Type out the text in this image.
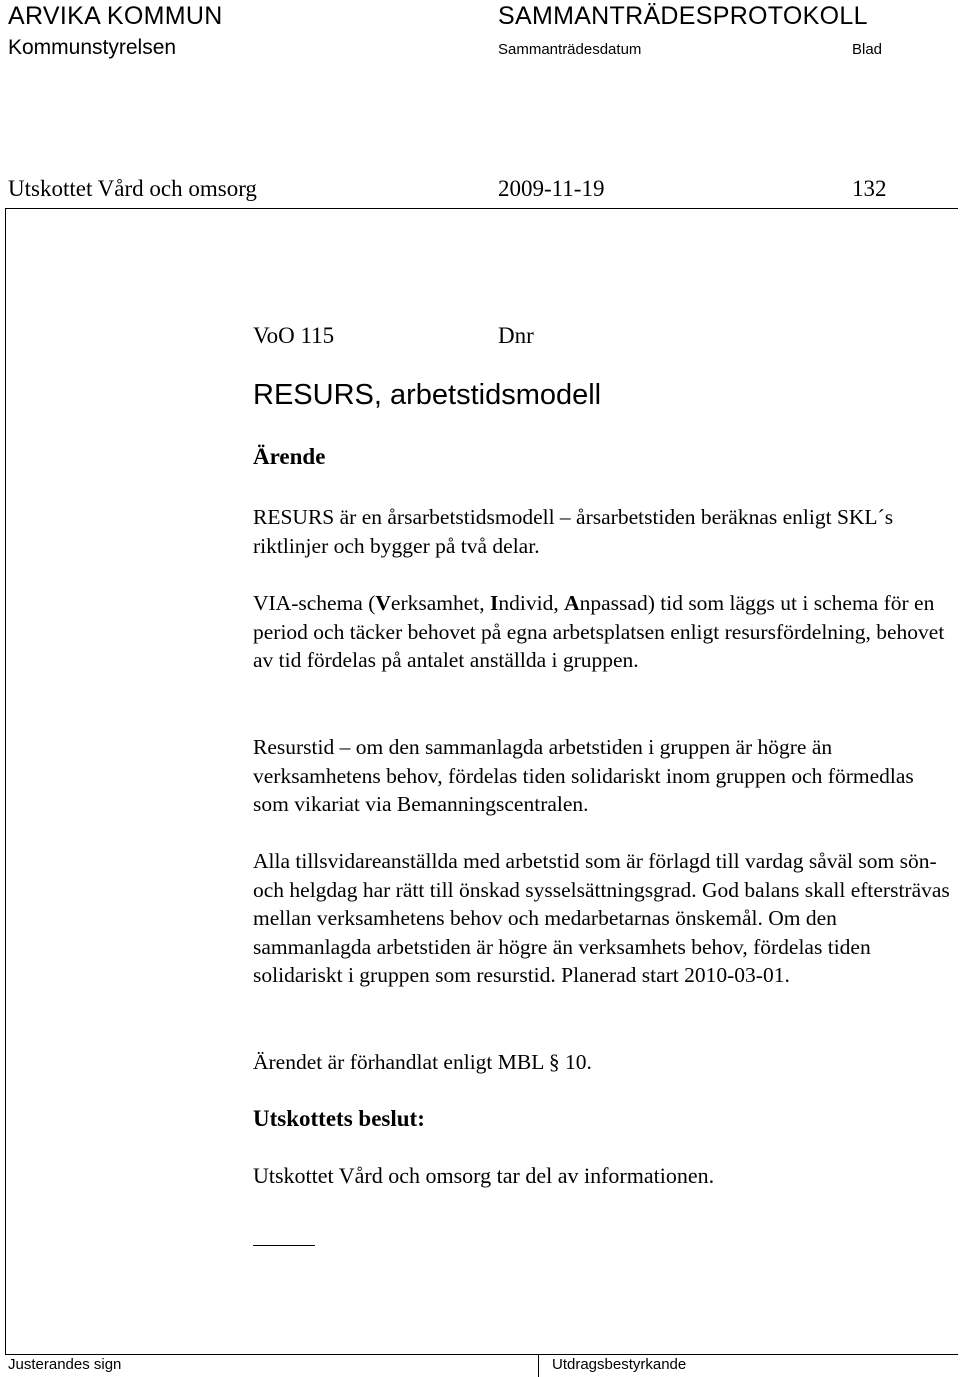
ARVIKA KOMMUN	SAMMANTRÄDESPROTOKOLL
Kommunstyrelsen	Sammanträdesdatum	Blad
Utskottet Vård och omsorg	2009-11-19	132
VoO 115	Dnr
RESURS, arbetstidsmodell
Ärende

RESURS är en årsarbetstidsmodell – årsarbetstiden beräknas enligt SKL´s riktlinjer och bygger på två delar.

VIA-schema (Verksamhet, Individ, Anpassad) tid som läggs ut i schema för en period och täcker behovet på egna arbetsplatsen enligt resursfördelning, behovet av tid fördelas på antalet anställda i gruppen.

Resurstid – om den sammanlagda arbetstiden i gruppen är högre än verksamhetens behov, fördelas tiden solidariskt inom gruppen och förmedlas som vikariat via Bemanningscentralen.

Alla tillsvidareanställda med arbetstid som är förlagd till vardag såväl som sön- och helgdag har rätt till önskad sysselsättningsgrad. God balans skall eftersträvas mellan verksamhetens behov och medarbetarnas önskemål. Om den sammanlagda arbetstiden är högre än verksamhets behov, fördelas tiden solidariskt i gruppen som resurstid. Planerad start 2010-03-01.

Ärendet är förhandlat enligt MBL § 10.

Utskottets beslut:
Utskottet Vård och omsorg tar del av informationen.
Justerandes sign	Utdragsbestyrkande
